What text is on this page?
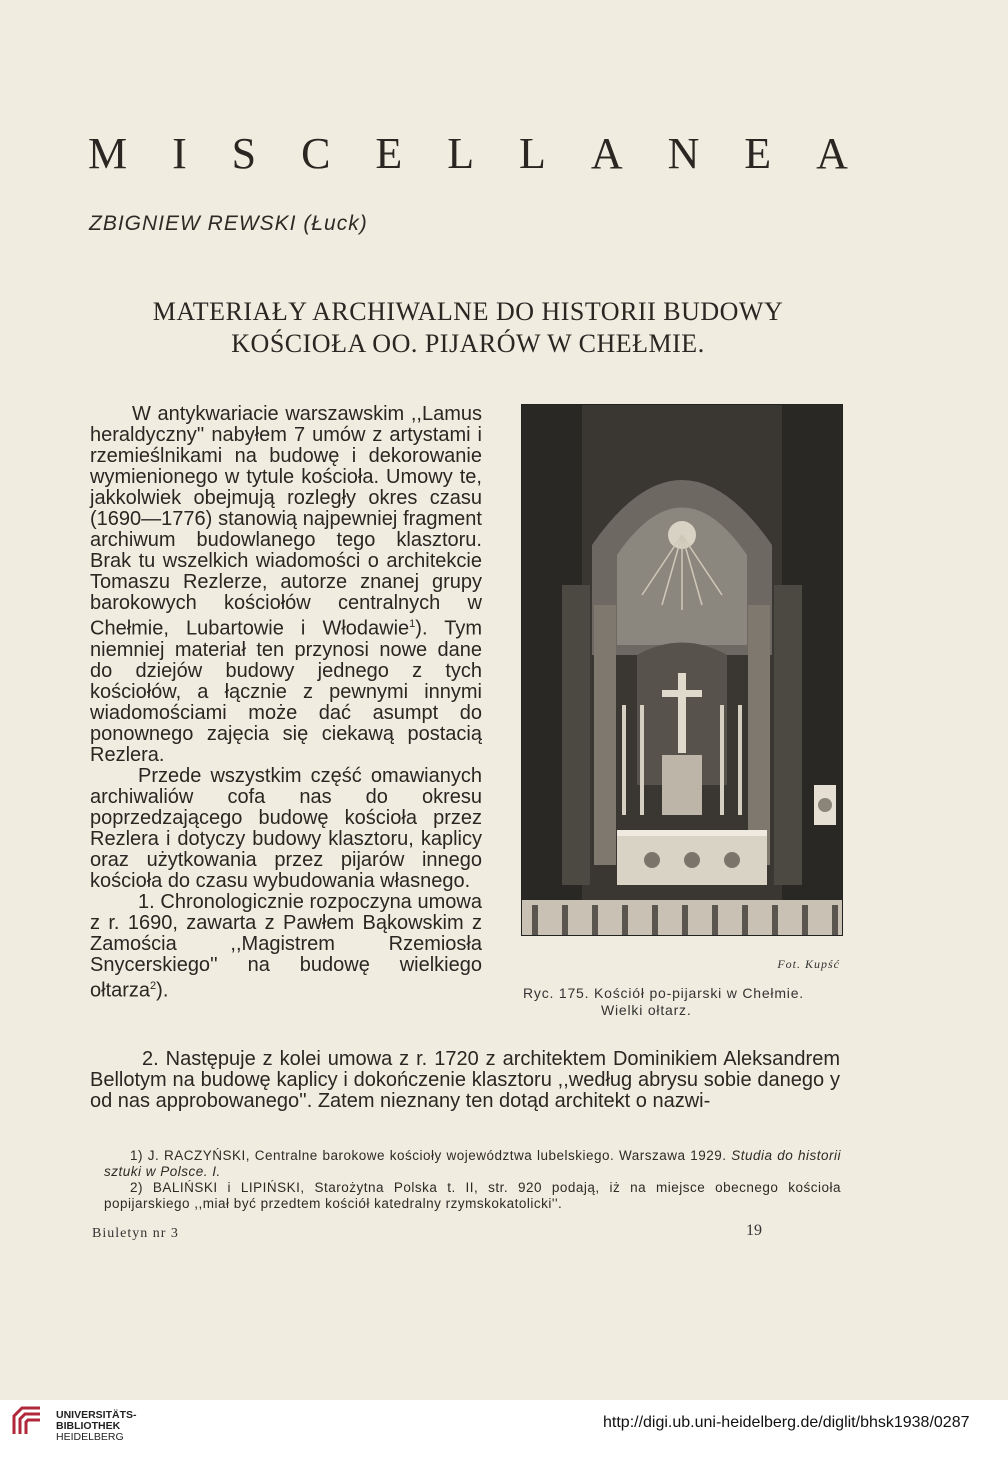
M I S C E L L A N E A
ZBIGNIEW REWSKI (Łuck)
MATERIAŁY ARCHIWALNE DO HISTORII BUDOWY
KOŚCIOŁA OO. PIJARÓW W CHEŁMIE.

W antykwariacie warszawskim ,,Lamus heraldyczny'' nabyłem 7 umów z artystami i rzemieślnikami na budowę i dekorowanie wymienionego w tytule kościoła. Umowy te, jakkolwiek obejmują rozległy okres czasu (1690—1776) stanowią najpewniej fragment archiwum budowlanego tego klasztoru. Brak tu wszelkich wiadomości o architekcie Tomaszu Rezlerze, autorze znanej grupy barokowych kościołów centralnych w Chełmie, Lubartowie i Włodawie$^1$). Tym niemniej materiał ten przynosi nowe dane do dziejów budowy jednego z tych kościołów, a łącznie z pewnymi innymi wiadomościami może dać asumpt do ponownego zajęcia się ciekawą postacią Rezlera.

Przede wszystkim część omawianych archiwaliów cofa nas do okresu poprzedzającego budowę kościoła przez Rezlera i dotyczy budowy klasztoru, kaplicy oraz użytkowania przez pijarów innego kościoła do czasu wybudowania własnego.

1. Chronologicznie rozpoczyna umowa z r. 1690, zawarta z Pawłem Bąkowskim z Zamościa ,,Magistrem Rzemiosła Snycerskiego'' na budowę wielkiego ołtarza$^2$).

Fot. Kupść
Ryc. 175. Kościół po-pijarski w Chełmie.
Wielki ołtarz.

2. Następuje z kolei umowa z r. 1720 z architektem Dominikiem Aleksandrem Bellotym na budowę kaplicy i dokończenie klasztoru ,,według abrysu sobie danego y od nas approbowanego''. Zatem nieznany ten dotąd architekt o nazwi-

1) J. RACZYŃSKI, Centralne barokowe kościoły województwa lubelskiego. Warszawa 1929. Studia do historii sztuki w Polsce. I.

2) BALIŃSKI i LIPIŃSKI, Starożytna Polska t. II, str. 920 podają, iż na miejsce obecnego kościoła popijarskiego ,,miał być przedtem kościół katedralny rzymskokatolicki''.

Biuletyn nr 3	19
UNIVERSITÄTS-
BIBLIOTHEK
HEIDELBERG
http://digi.ub.uni-heidelberg.de/diglit/bhsk1938/0287
